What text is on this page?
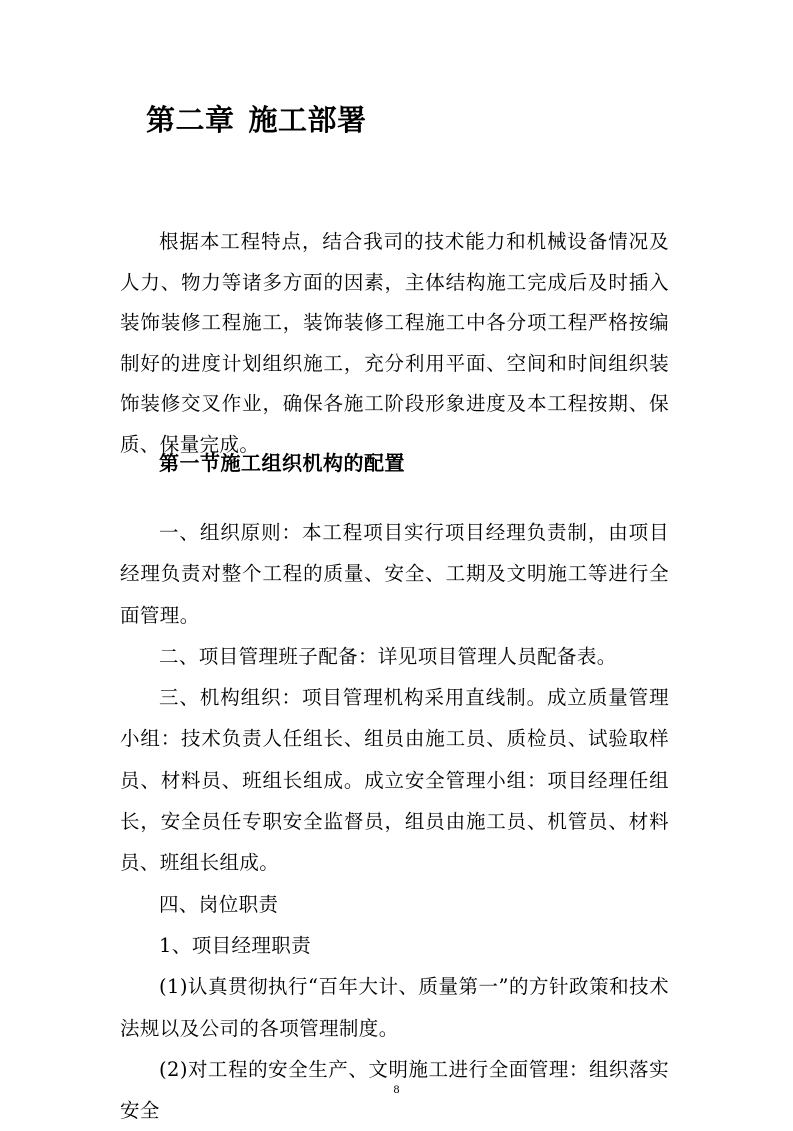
第二章 施工部署

根据本工程特点，结合我司的技术能力和机械设备情况及人力、物力等诸多方面的因素，主体结构施工完成后及时插入装饰装修工程施工，装饰装修工程施工中各分项工程严格按编制好的进度计划组织施工，充分利用平面、空间和时间组织装饰装修交叉作业，确保各施工阶段形象进度及本工程按期、保质、保量完成。

第一节施工组织机构的配置

一、组织原则：本工程项目实行项目经理负责制，由项目经理负责对整个工程的质量、安全、工期及文明施工等进行全面管理。

二、项目管理班子配备：详见项目管理人员配备表。

三、机构组织：项目管理机构采用直线制。成立质量管理小组：技术负责人任组长、组员由施工员、质检员、试验取样员、材料员、班组长组成。成立安全管理小组：项目经理任组长，安全员任专职安全监督员，组员由施工员、机管员、材料员、班组长组成。

四、岗位职责

1、项目经理职责

(1)认真贯彻执行“百年大计、质量第一”的方针政策和技术法规以及公司的各项管理制度。

(2)对工程的安全生产、文明施工进行全面管理：组织落实安全

8
